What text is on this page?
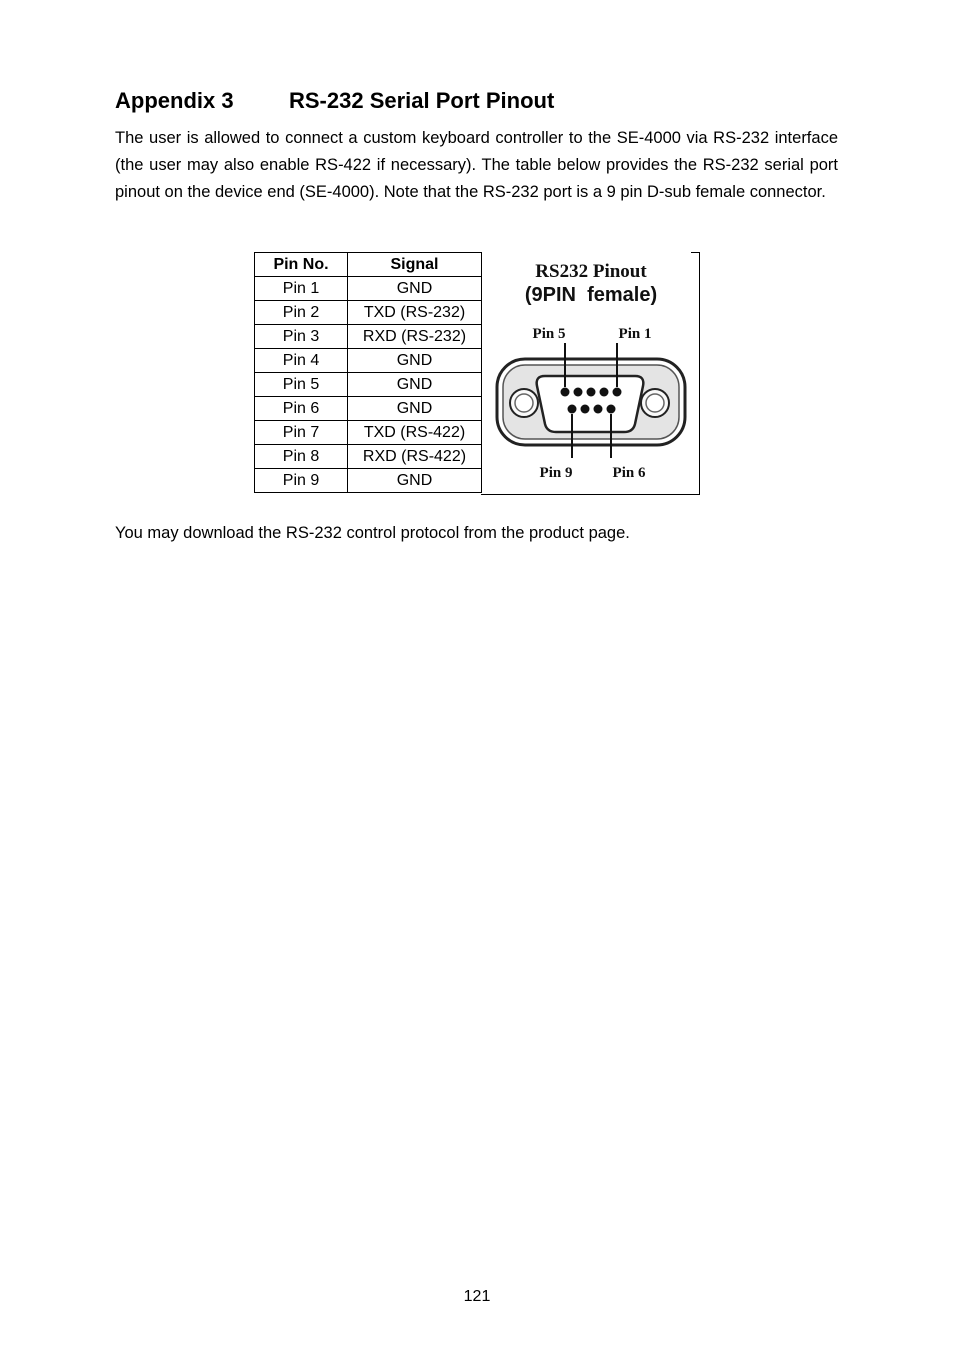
Appendix 3	RS-232 Serial Port Pinout

The user is allowed to connect a custom keyboard controller to the SE-4000 via RS-232 interface (the user may also enable RS-422 if necessary). The table below provides the RS-232 serial port pinout on the device end (SE-4000). Note that the RS-232 port is a 9 pin D-sub female connector.

Pin No.	Signal
Pin 1	GND
Pin 2	TXD (RS-232)
Pin 3	RXD (RS-232)
Pin 4	GND
Pin 5	GND
Pin 6	GND
Pin 7	TXD (RS-422)
Pin 8	RXD (RS-422)
Pin 9	GND
RS232 Pinout
(9PIN  female)
Pin 5	Pin 1
Pin 9	Pin 6

You may download the RS-232 control protocol from the product page.

121
